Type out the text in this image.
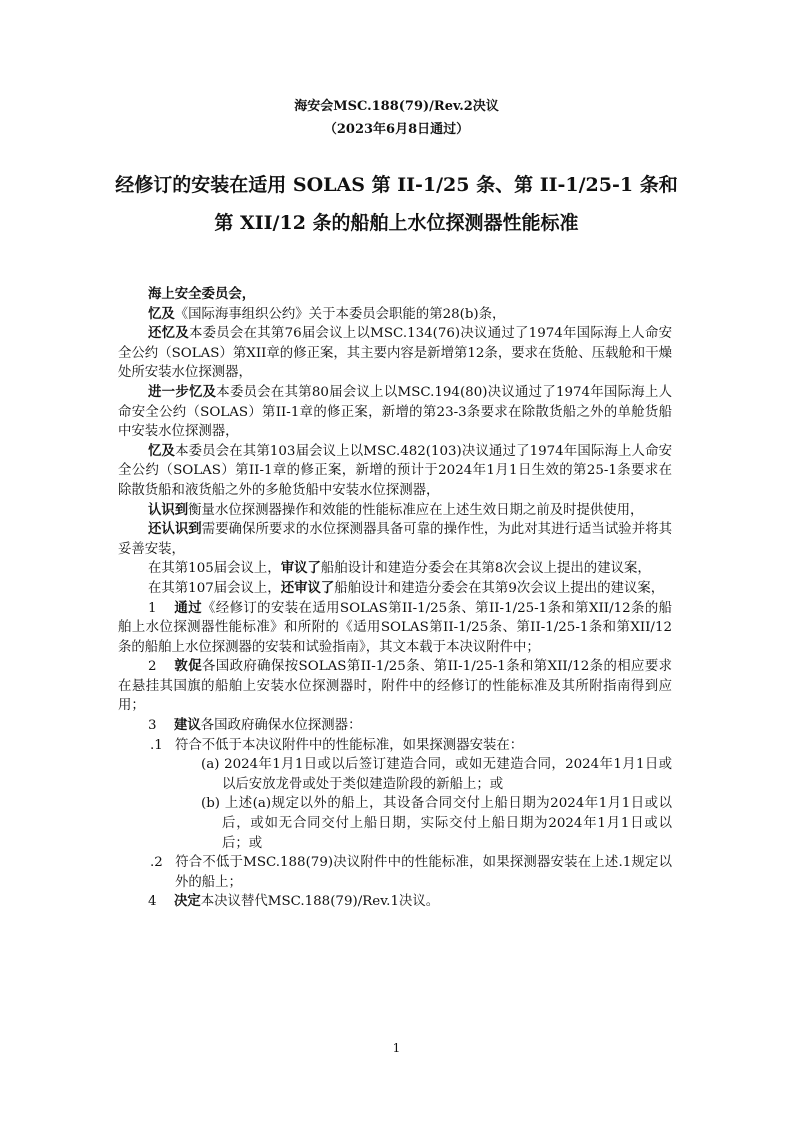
海安会MSC.188(79)/Rev.2决议
（2023年6月8日通过）
经修订的安装在适用 SOLAS 第 II-1/25 条、第 II-1/25-1 条和
第 XII/12 条的船舶上水位探测器性能标准

海上安全委员会，

忆及《国际海事组织公约》关于本委员会职能的第28(b)条，

还忆及本委员会在其第76届会议上以MSC.134(76)决议通过了1974年国际海上人命安全公约（SOLAS）第XII章的修正案，其主要内容是新增第12条，要求在货舱、压载舱和干燥处所安装水位探测器，

进一步忆及本委员会在其第80届会议上以MSC.194(80)决议通过了1974年国际海上人命安全公约（SOLAS）第II-1章的修正案，新增的第23-3条要求在除散货船之外的单舱货船中安装水位探测器，

忆及本委员会在其第103届会议上以MSC.482(103)决议通过了1974年国际海上人命安全公约（SOLAS）第II-1章的修正案，新增的预计于2024年1月1日生效的第25-1条要求在除散货船和液货船之外的多舱货船中安装水位探测器，

认识到衡量水位探测器操作和效能的性能标准应在上述生效日期之前及时提供使用，

还认识到需要确保所要求的水位探测器具备可靠的操作性，为此对其进行适当试验并将其妥善安装，

在其第105届会议上，审议了船舶设计和建造分委会在其第8次会议上提出的建议案，

在其第107届会议上，还审议了船舶设计和建造分委会在其第9次会议上提出的建议案，

1 通过《经修订的安装在适用SOLAS第II-1/25条、第II-1/25-1条和第XII/12条的船舶上水位探测器性能标准》和所附的《适用SOLAS第II-1/25条、第II-1/25-1条和第XII/12条的船舶上水位探测器的安装和试验指南》，其文本载于本决议附件中；

2 敦促各国政府确保按SOLAS第II-1/25条、第II-1/25-1条和第XII/12条的相应要求在悬挂其国旗的船舶上安装水位探测器时，附件中的经修订的性能标准及其所附指南得到应用；

3 建议各国政府确保水位探测器：

.1 符合不低于本决议附件中的性能标准，如果探测器安装在：

(a) 2024年1月1日或以后签订建造合同，或如无建造合同，2024年1月1日或以后安放龙骨或处于类似建造阶段的新船上；或

(b) 上述(a)规定以外的船上，其设备合同交付上船日期为2024年1月1日或以后，或如无合同交付上船日期，实际交付上船日期为2024年1月1日或以后；或

.2 符合不低于MSC.188(79)决议附件中的性能标准，如果探测器安装在上述.1规定以外的船上；

4 决定本决议替代MSC.188(79)/Rev.1决议。

1
